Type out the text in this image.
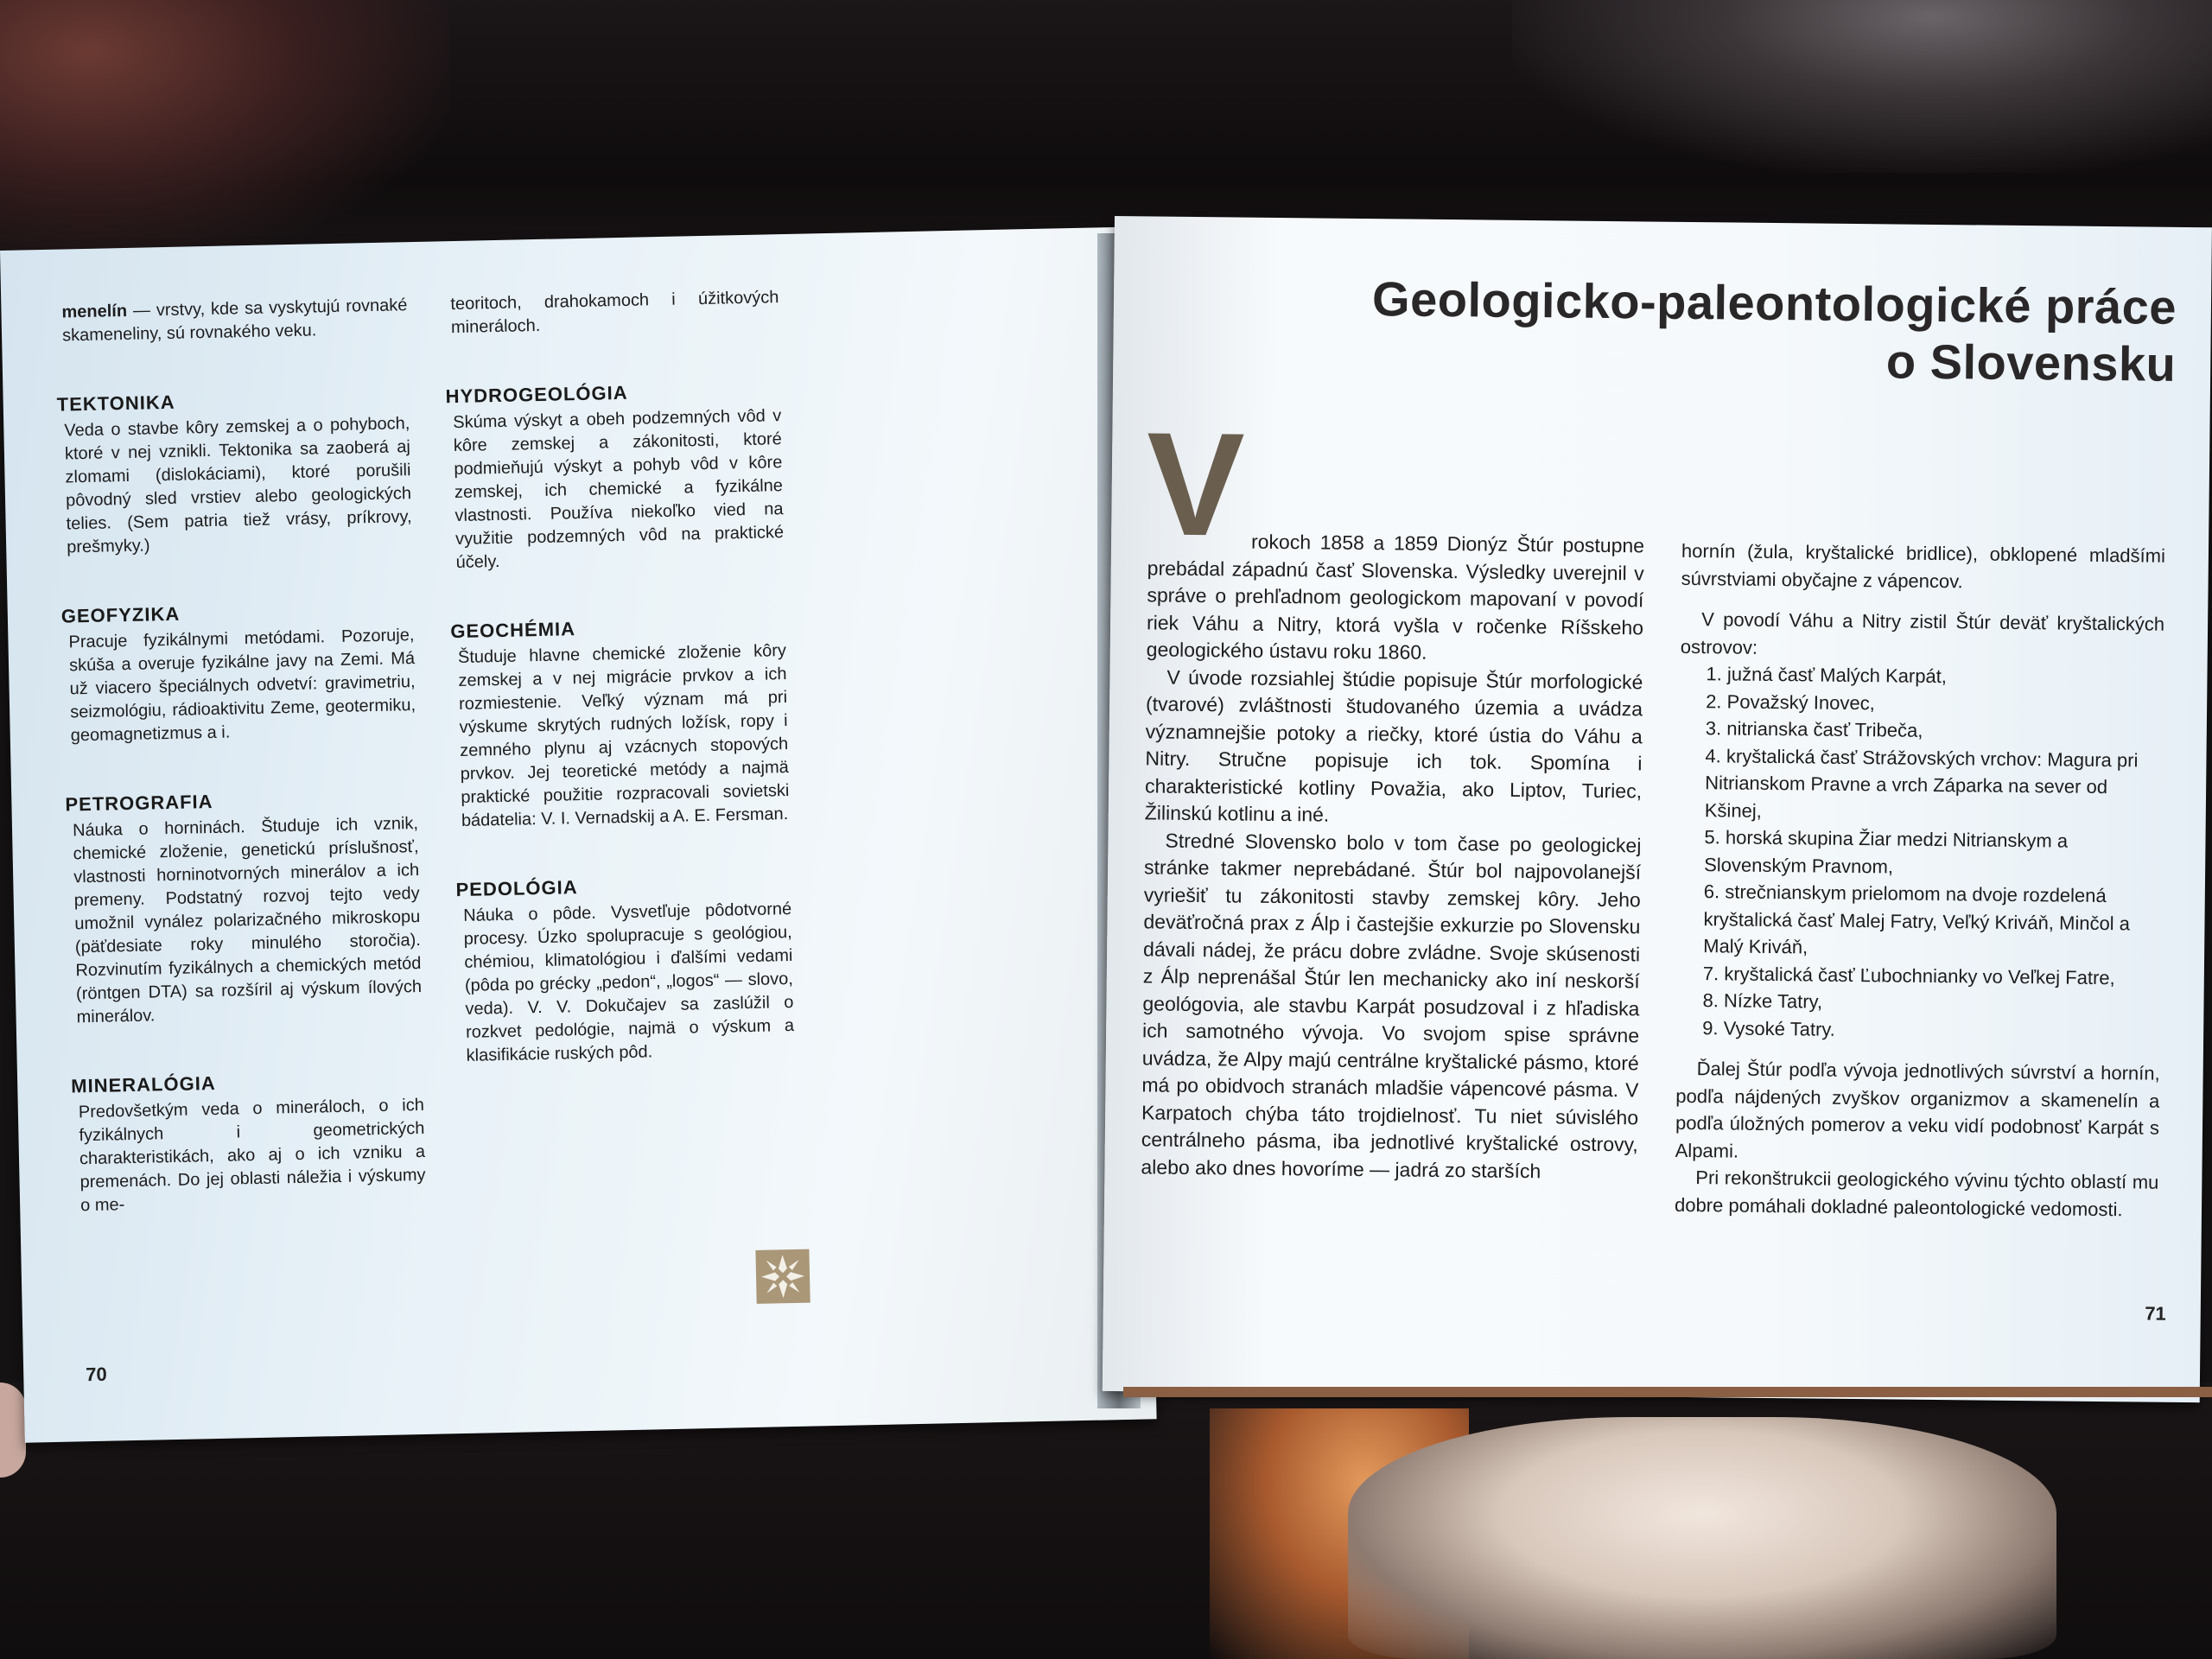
menelín — vrstvy, kde sa vyskytujú rovnaké skameneliny, sú rovnakého veku.

TEKTONIKA

Veda o stavbe kôry zemskej a o pohyboch, ktoré v nej vznikli. Tektonika sa zaoberá aj zlomami (dislokáciami), ktoré porušili pôvodný sled vrstiev alebo geologických telies. (Sem patria tiež vrásy, príkrovy, prešmyky.)

GEOFYZIKA

Pracuje fyzikálnymi metódami. Pozoruje, skúša a overuje fyzikálne javy na Zemi. Má už viacero špeciálnych odvetví: gravimetriu, seizmológiu, rádioaktivitu Zeme, geotermiku, geomagnetizmus a i.

PETROGRAFIA

Náuka o horninách. Študuje ich vznik, chemické zloženie, genetickú príslušnosť, vlastnosti horninotvorných minerálov a ich premeny. Podstatný rozvoj tejto vedy umožnil vynález polarizačného mikroskopu (päťdesiate roky minulého storočia). Rozvinutím fyzikálnych a chemických metód (röntgen DTA) sa rozšíril aj výskum ílových minerálov.

MINERALÓGIA

Predovšetkým veda o mineráloch, o ich fyzikálnych i geometrických charakteristikách, ako aj o ich vzniku a premenách. Do jej oblasti náležia i výskumy o me-

teoritoch, drahokamoch i úžitkových mineráloch.

HYDROGEOLÓGIA

Skúma výskyt a obeh podzemných vôd v kôre zemskej a zákonitosti, ktoré podmieňujú výskyt a pohyb vôd v kôre zemskej, ich chemické a fyzikálne vlastnosti. Používa niekoľko vied na využitie podzemných vôd na praktické účely.

GEOCHÉMIA

Študuje hlavne chemické zloženie kôry zemskej a v nej migrácie prvkov a ich rozmiestenie. Veľký význam má pri výskume skrytých rudných ložísk, ropy i zemného plynu aj vzácnych stopových prvkov. Jej teoretické metódy a najmä praktické použitie rozpracovali sovietski bádatelia: V. I. Vernadskij a A. E. Fersman.

PEDOLÓGIA

Náuka o pôde. Vysvetľuje pôdotvorné procesy. Úzko spolupracuje s geológiou, chémiou, klimatológiou i ďalšími vedami (pôda po grécky „pedon“, „logos“ — slovo, veda). V. V. Dokučajev sa zaslúžil o rozkvet pedológie, najmä o výskum a klasifikácie ruských pôd.

70
Geologicko-paleontologické práce
o Slovensku
V rokoch 1858 a 1859 Dionýz Štúr postupne prebádal západnú časť Slovenska. Výsledky uverejnil v správe o prehľadnom geologickom mapovaní v povodí riek Váhu a Nitry, ktorá vyšla v ročenke Ríšskeho geologického ústavu roku 1860.

V úvode rozsiahlej štúdie popisuje Štúr morfologické (tvarové) zvláštnosti študovaného územia a uvádza významnejšie potoky a riečky, ktoré ústia do Váhu a Nitry. Stručne popisuje ich tok. Spomína i charakteristické kotliny Považia, ako Liptov, Turiec, Žilinskú kotlinu a iné.

Stredné Slovensko bolo v tom čase po geologickej stránke takmer neprebádané. Štúr bol najpovolanejší vyriešiť tu zákonitosti stavby zemskej kôry. Jeho deväťročná prax z Álp i častejšie exkurzie po Slovensku dávali nádej, že prácu dobre zvládne. Svoje skúsenosti z Álp neprenášal Štúr len mechanicky ako iní neskorší geológovia, ale stavbu Karpát posudzoval i z hľadiska ich samotného vývoja. Vo svojom spise správne uvádza, že Alpy majú centrálne kryštalické pásmo, ktoré má po obidvoch stranách mladšie vápencové pásma. V Karpatoch chýba táto trojdielnosť. Tu niet súvislého centrálneho pásma, iba jednotlivé kryštalické ostrovy, alebo ako dnes hovoríme — jadrá zo starších

hornín (žula, kryštalické bridlice), obklopené mladšími súvrstviami obyčajne z vápencov.

V povodí Váhu a Nitry zistil Štúr deväť kryštalických ostrovov:

1. južná časť Malých Karpát,
2. Považský Inovec,
3. nitrianska časť Tribeča,
4. kryštalická časť Strážovských vrchov: Magura pri Nitrianskom Pravne a vrch Záparka na sever od Kšinej,
5. horská skupina Žiar medzi Nitrianskym a Slovenským Pravnom,
6. strečnianskym prielomom na dvoje rozdelená kryštalická časť Malej Fatry, Veľký Kriváň, Minčol a Malý Kriváň,
7. kryštalická časť Ľubochnianky vo Veľkej Fatre,
8. Nízke Tatry,
9. Vysoké Tatry.

Ďalej Štúr podľa vývoja jednotlivých súvrství a hornín, podľa nájdených zvyškov organizmov a skamenelín a podľa úložných pomerov a veku vidí podobnosť Karpát s Alpami.

Pri rekonštrukcii geologického vývinu týchto oblastí mu dobre pomáhali dokladné paleontologické vedomosti.

71
